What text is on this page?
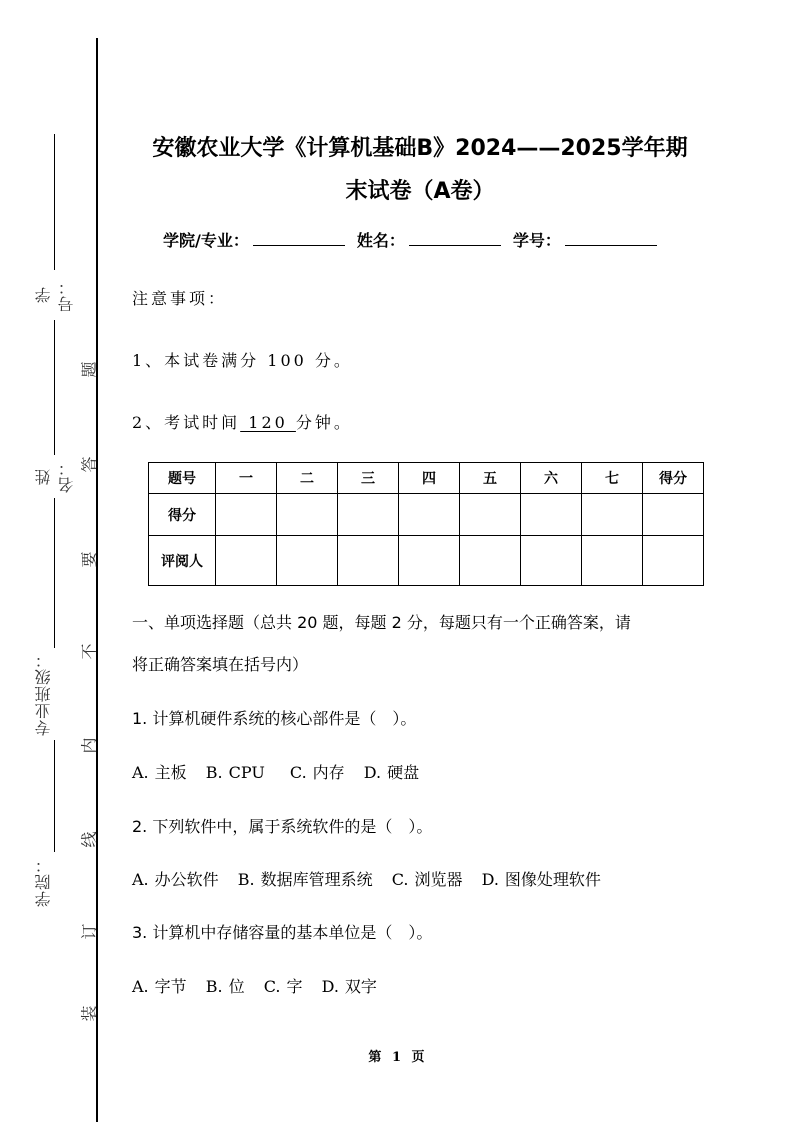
学号：
姓名：
专业班级：
学院：
题
答
要
不
内
线
订
装
安徽农业大学《计算机基础B》2024——2025学年期
末试卷（A卷）
学院/专业：	姓名：	学号：
注意事项：
1、本试卷满分 100 分。
2、考试时间 120 分钟。
题号	一	二	三	四	五	六	七	得分
得分								
评阅人								
一、单项选择题（总共 20 题，每题 2 分，每题只有一个正确答案，请
将正确答案填在括号内）
1. 计算机硬件系统的核心部件是（　）。
A. 主板 B. CPU C. 内存 D. 硬盘
2. 下列软件中，属于系统软件的是（　）。
A. 办公软件 B. 数据库管理系统 C. 浏览器 D. 图像处理软件
3. 计算机中存储容量的基本单位是（　）。
A. 字节 B. 位 C. 字 D. 双字
第 1 页
